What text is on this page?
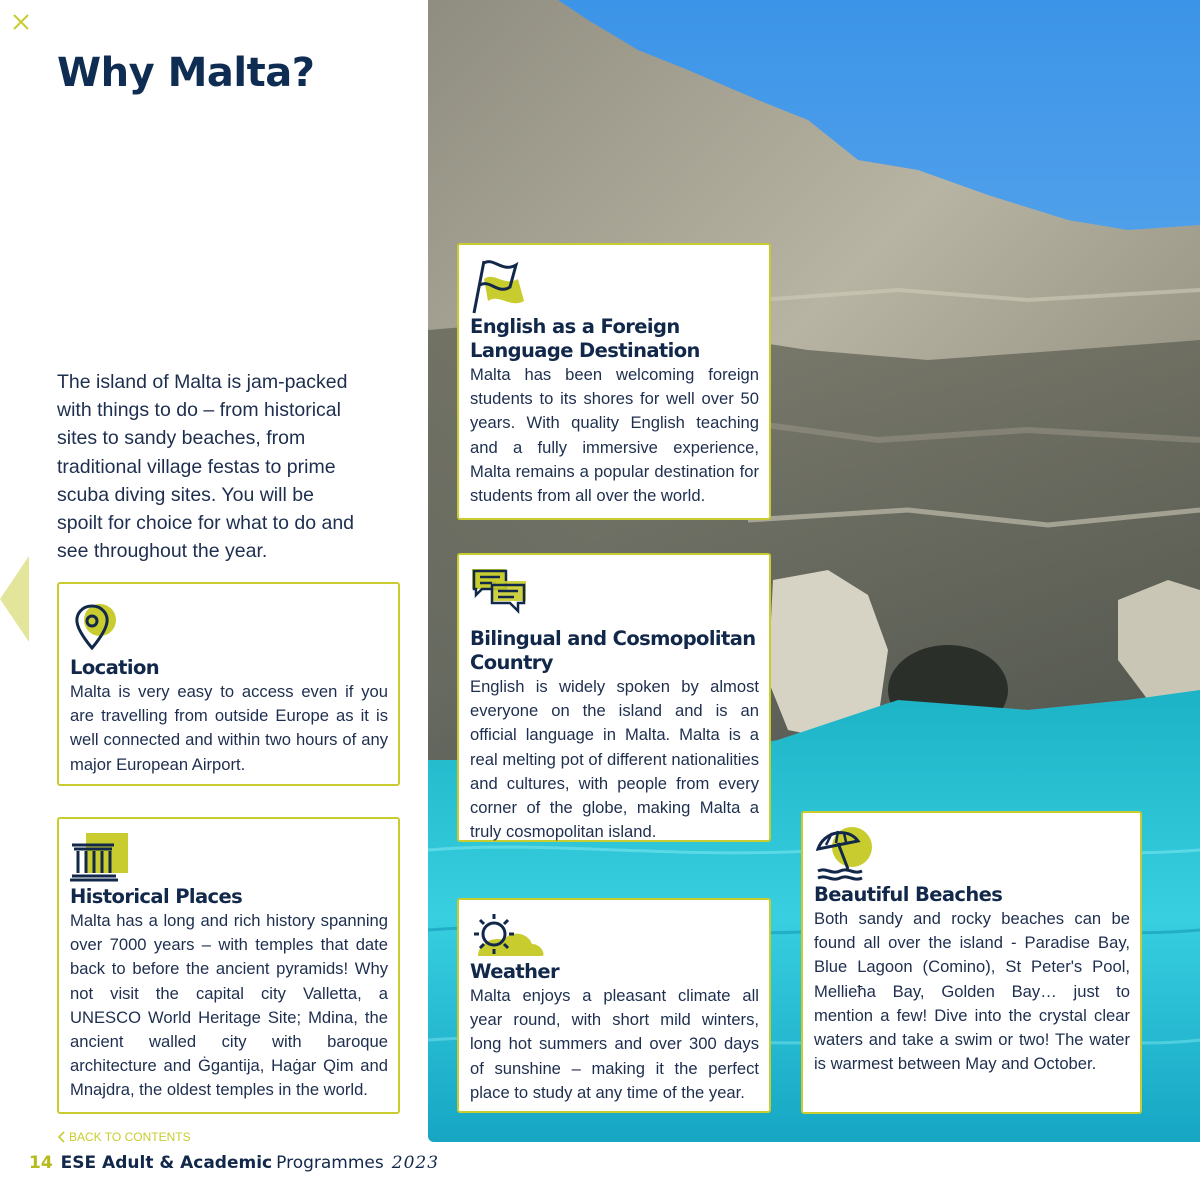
Why Malta?

The island of Malta is jam-packed with things to do – from historical sites to sandy beaches, from traditional village festas to prime scuba diving sites. You will be spoilt for choice for what to do and see throughout the year.

Location

Malta is very easy to access even if you are travelling from outside Europe as it is well connected and within two hours of any major European Airport.

Historical Places

Malta has a long and rich history spanning over 7000 years – with temples that date back to before the ancient pyramids! Why not visit the capital city Valletta, a UNESCO World Heritage Site; Mdina, the ancient walled city with baroque architecture and Ġgantija, Haġar Qim and Mnajdra, the oldest temples in the world.

English as a Foreign Language Destination

Malta has been welcoming foreign students to its shores for well over 50 years. With quality English teaching and a fully immersive experience, Malta remains a popular destination for students from all over the world.

Bilingual and Cosmopolitan Country

English is widely spoken by almost everyone on the island and is an official language in Malta. Malta is a real melting pot of different nationalities and cultures, with people from every corner of the globe, making Malta a truly cosmopolitan island.

Weather

Malta enjoys a pleasant climate all year round, with short mild winters, long hot summers and over 300 days of sunshine – making it the perfect place to study at any time of the year.

Beautiful Beaches

Both sandy and rocky beaches can be found all over the island - Paradise Bay, Blue Lagoon (Comino), St Peter's Pool, Mellieħa Bay, Golden Bay… just to mention a few! Dive into the crystal clear waters and take a swim or two! The water is warmest between May and October.

BACK TO CONTENTS
14 ESE Adult & Academic Programmes 2023
